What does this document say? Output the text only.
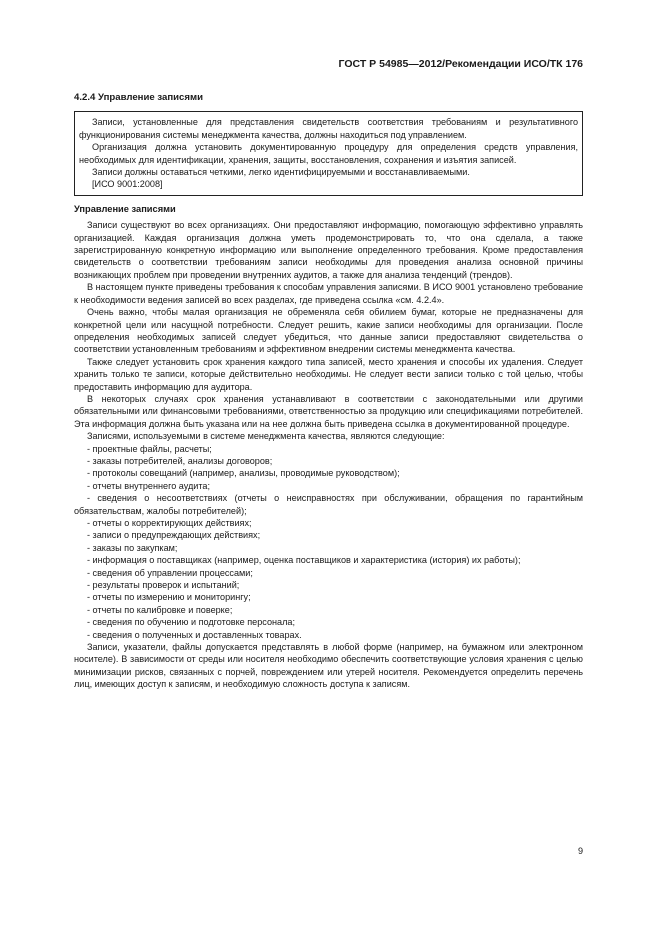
ГОСТ Р 54985—2012/Рекомендации ИСО/ТК 176
4.2.4 Управление записями

Записи, установленные для представления свидетельств соответствия требованиям и результативного функционирования системы менеджмента качества, должны находиться под управлением.

Организация должна установить документированную процедуру для определения средств управления, необходимых для идентификации, хранения, защиты, восстановления, сохранения и изъятия записей.

Записи должны оставаться четкими, легко идентифицируемыми и восстанавливаемыми.

[ИСО 9001:2008]

Управление записями

Записи существуют во всех организациях. Они предоставляют информацию, помогающую эффективно управлять организацией. Каждая организация должна уметь продемонстрировать то, что она сделала, а также зарегистрированную конкретную информацию или выполнение определенного требования. Кроме предоставления свидетельств о соответствии требованиям записи необходимы для проведения анализа основной причины возникающих проблем при проведении внутренних аудитов, а также для анализа тенденций (трендов).

В настоящем пункте приведены требования к способам управления записями. В ИСО 9001 установлено требование к необходимости ведения записей во всех разделах, где приведена ссылка «см. 4.2.4».

Очень важно, чтобы малая организация не обременяла себя обилием бумаг, которые не предназначены для конкретной цели или насущной потребности. Следует решить, какие записи необходимы для организации. После определения необходимых записей следует убедиться, что данные записи предоставляют свидетельства о соответствии установленным требованиям и эффективном внедрении системы менеджмента качества.

Также следует установить срок хранения каждого типа записей, место хранения и способы их удаления. Следует хранить только те записи, которые действительно необходимы. Не следует вести записи только с той целью, чтобы предоставить информацию для аудитора.

В некоторых случаях срок хранения устанавливают в соответствии с законодательными или другими обязательными или финансовыми требованиями, ответственностью за продукцию или спецификациями потребителей. Эта информация должна быть указана или на нее должна быть приведена ссылка в документированной процедуре.

Записями, используемыми в системе менеджмента качества, являются следующие:

- проектные файлы, расчеты;

- заказы потребителей, анализы договоров;

- протоколы совещаний (например, анализы, проводимые руководством);

- отчеты внутреннего аудита;

- сведения о несоответствиях (отчеты о неисправностях при обслуживании, обращения по гарантийным обязательствам, жалобы потребителей);

- отчеты о корректирующих действиях;

- записи о предупреждающих действиях;

- заказы по закупкам;

- информация о поставщиках (например, оценка поставщиков и характеристика (история) их работы);

- сведения об управлении процессами;

- результаты проверок и испытаний;

- отчеты по измерению и мониторингу;

- отчеты по калибровке и поверке;

- сведения по обучению и подготовке персонала;

- сведения о полученных и доставленных товарах.

Записи, указатели, файлы допускается представлять в любой форме (например, на бумажном или электронном носителе). В зависимости от среды или носителя необходимо обеспечить соответствующие условия хранения с целью минимизации рисков, связанных с порчей, повреждением или утерей носителя. Рекомендуется определить перечень лиц, имеющих доступ к записям, и необходимую сложность доступа к записям.

9
